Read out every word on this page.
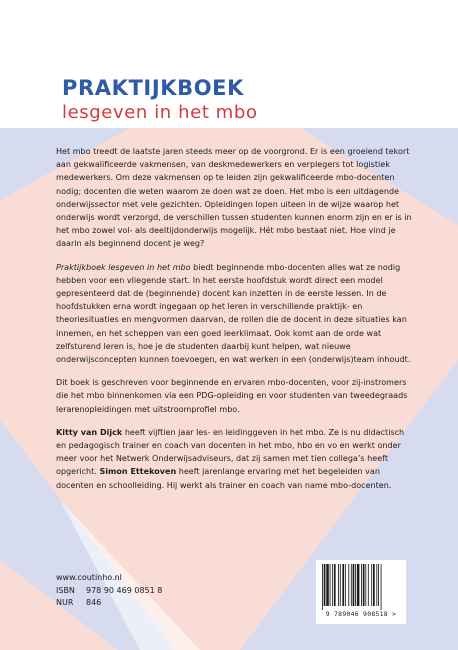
PRAKTIJKBOEK
lesgeven in het mbo

Het mbo treedt de laatste jaren steeds meer op de voorgrond. Er is een groeiend tekort aan gekwalificeerde vakmensen, van deskmedewerkers en verplegers tot logistiek medewerkers. Om deze vakmensen op te leiden zijn gekwalificeerde mbo-docenten nodig; docenten die weten waarom ze doen wat ze doen. Het mbo is een uitdagende onderwijssector met vele gezichten. Opleidingen lopen uiteen in de wijze waarop het onderwijs wordt verzorgd, de verschillen tussen studenten kunnen enorm zijn en er is in het mbo zowel vol- als deeltijdonderwijs mogelijk. Hét mbo bestaat niet. Hoe vind je daarin als beginnend docent je weg?

Praktijkboek lesgeven in het mbo biedt beginnende mbo-docenten alles wat ze nodig hebben voor een vliegende start. In het eerste hoofdstuk wordt direct een model gepresenteerd dat de (beginnende) docent kan inzetten in de eerste lessen. In de hoofdstukken erna wordt ingegaan op het leren in verschillende praktijk- en theoriesituaties en mengvormen daarvan, de rollen die de docent in deze situaties kan innemen, en het scheppen van een goed leerklimaat. Ook komt aan de orde wat zelfsturend leren is, hoe je de studenten daarbij kunt helpen, wat nieuwe onderwijsconcepten kunnen toevoegen, en wat werken in een (onderwijs)team inhoudt.

Dit boek is geschreven voor beginnende en ervaren mbo-docenten, voor zij-instromers die het mbo binnenkomen via een PDG-opleiding en voor studenten van tweedegraads lerarenopleidingen met uitstroomprofiel mbo.

Kitty van Dijck heeft vijftien jaar les- en leidinggeven in het mbo. Ze is nu didactisch en pedagogisch trainer en coach van docenten in het mbo, hbo en vo en werkt onder meer voor het Netwerk Onderwijsadviseurs, dat zij samen met tien collega’s heeft opgericht. Simon Ettekoven heeft jarenlange ervaring met het begeleiden van docenten en schoolleiding. Hij werkt als trainer en coach van name mbo-docenten.

www.coutinho.nl
ISBN 978 90 469 0851 8
NUR 846
9 789046 908518 >
